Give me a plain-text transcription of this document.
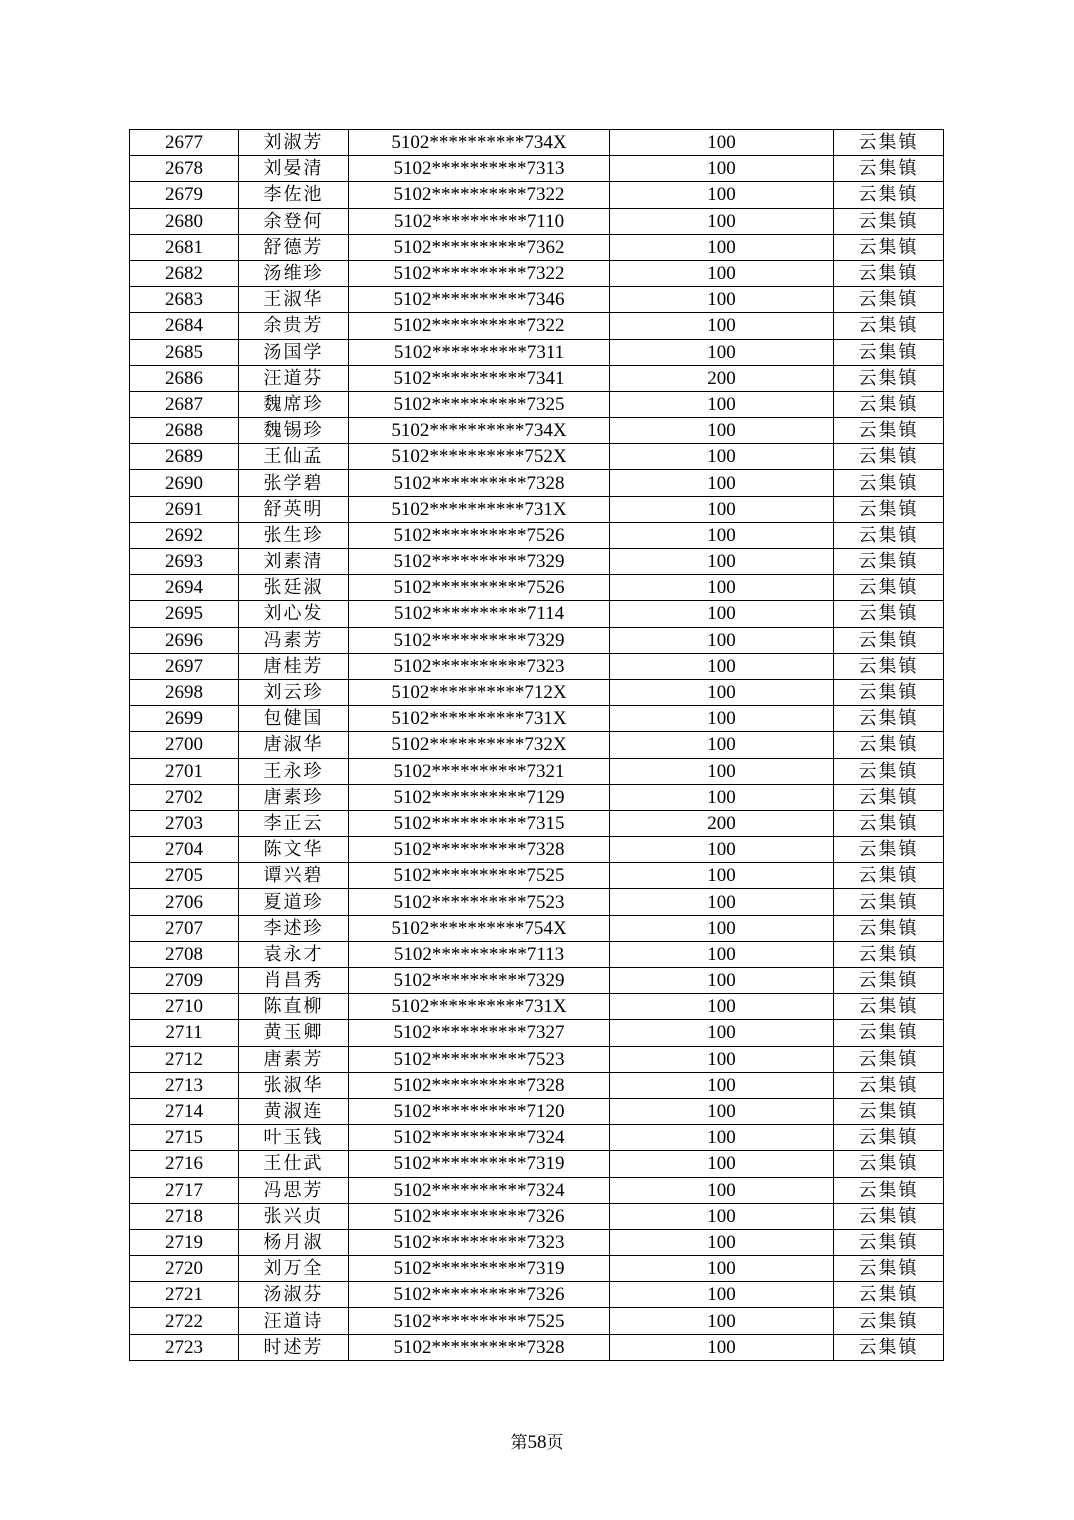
2677	刘淑芳	5102**********734X	100	云集镇
2678	刘晏清	5102**********7313	100	云集镇
2679	李佐池	5102**********7322	100	云集镇
2680	余登何	5102**********7110	100	云集镇
2681	舒德芳	5102**********7362	100	云集镇
2682	汤维珍	5102**********7322	100	云集镇
2683	王淑华	5102**********7346	100	云集镇
2684	余贵芳	5102**********7322	100	云集镇
2685	汤国学	5102**********7311	100	云集镇
2686	汪道芬	5102**********7341	200	云集镇
2687	魏席珍	5102**********7325	100	云集镇
2688	魏锡珍	5102**********734X	100	云集镇
2689	王仙孟	5102**********752X	100	云集镇
2690	张学碧	5102**********7328	100	云集镇
2691	舒英明	5102**********731X	100	云集镇
2692	张生珍	5102**********7526	100	云集镇
2693	刘素清	5102**********7329	100	云集镇
2694	张廷淑	5102**********7526	100	云集镇
2695	刘心发	5102**********7114	100	云集镇
2696	冯素芳	5102**********7329	100	云集镇
2697	唐桂芳	5102**********7323	100	云集镇
2698	刘云珍	5102**********712X	100	云集镇
2699	包健国	5102**********731X	100	云集镇
2700	唐淑华	5102**********732X	100	云集镇
2701	王永珍	5102**********7321	100	云集镇
2702	唐素珍	5102**********7129	100	云集镇
2703	李正云	5102**********7315	200	云集镇
2704	陈文华	5102**********7328	100	云集镇
2705	谭兴碧	5102**********7525	100	云集镇
2706	夏道珍	5102**********7523	100	云集镇
2707	李述珍	5102**********754X	100	云集镇
2708	袁永才	5102**********7113	100	云集镇
2709	肖昌秀	5102**********7329	100	云集镇
2710	陈直柳	5102**********731X	100	云集镇
2711	黄玉卿	5102**********7327	100	云集镇
2712	唐素芳	5102**********7523	100	云集镇
2713	张淑华	5102**********7328	100	云集镇
2714	黄淑连	5102**********7120	100	云集镇
2715	叶玉钱	5102**********7324	100	云集镇
2716	王仕武	5102**********7319	100	云集镇
2717	冯思芳	5102**********7324	100	云集镇
2718	张兴贞	5102**********7326	100	云集镇
2719	杨月淑	5102**********7323	100	云集镇
2720	刘万全	5102**********7319	100	云集镇
2721	汤淑芬	5102**********7326	100	云集镇
2722	汪道诗	5102**********7525	100	云集镇
2723	时述芳	5102**********7328	100	云集镇
第58页
